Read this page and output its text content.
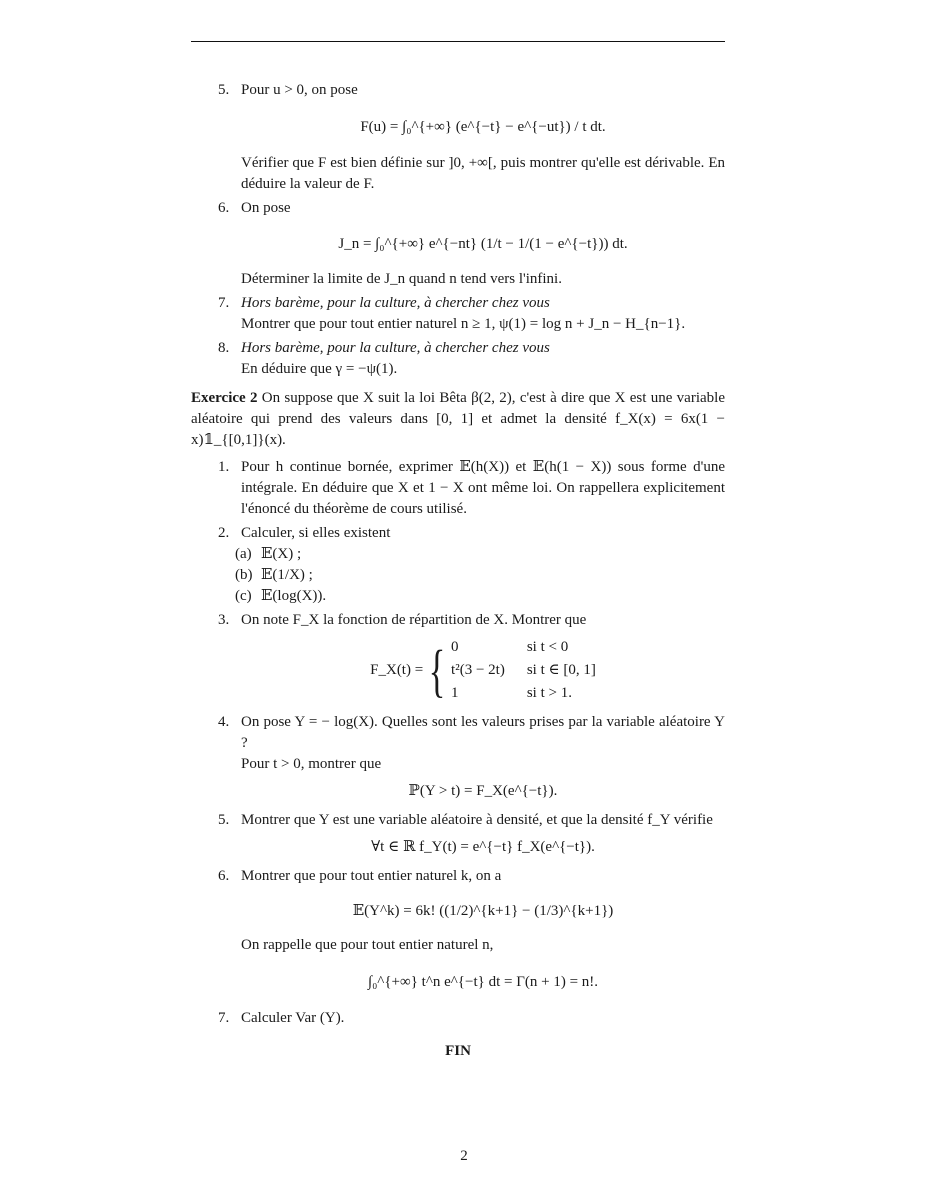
5. Pour u > 0, on pose

F(u) = ∫₀^{+∞} (e^{−t} − e^{−ut}) / t dt.

Vérifier que F est bien définie sur ]0, +∞[, puis montrer qu'elle est dérivable. En déduire la valeur de F.

6. On pose

J_n = ∫₀^{+∞} e^{−nt} (1/t − 1/(1 − e^{−t})) dt.

Déterminer la limite de J_n quand n tend vers l'infini.

7. Hors barème, pour la culture, à chercher chez vous

Montrer que pour tout entier naturel n ≥ 1, ψ(1) = log n + J_n − H_{n−1}.

8. Hors barème, pour la culture, à chercher chez vous

En déduire que γ = −ψ(1).

Exercice 2 On suppose que X suit la loi Bêta β(2, 2), c'est à dire que X est une variable aléatoire qui prend des valeurs dans [0, 1] et admet la densité f_X(x) = 6x(1 − x)𝟙_{[0,1]}(x).

1. Pour h continue bornée, exprimer 𝔼(h(X)) et 𝔼(h(1 − X)) sous forme d'une intégrale. En déduire que X et 1 − X ont même loi. On rappellera explicitement l'énoncé du théorème de cours utilisé.

2. Calculer, si elles existent

(a) 𝔼(X) ;
(b) 𝔼(1/X) ;
(c) 𝔼(log(X)).
3. On note F_X la fonction de répartition de X. Montrer que

F_X(t) = { 0	si t < 0
t²(3 − 2t) si t ∈ [0, 1]
1	si t > 1.
4. On pose Y = − log(X). Quelles sont les valeurs prises par la variable aléatoire Y ?

Pour t > 0, montrer que

ℙ(Y > t) = F_X(e^{−t}).
5. Montrer que Y est une variable aléatoire à densité, et que la densité f_Y vérifie

∀t ∈ ℝ f_Y(t) = e^{−t} f_X(e^{−t}).
6. Montrer que pour tout entier naturel k, on a

𝔼(Y^k) = 6k! ((1/2)^{k+1} − (1/3)^{k+1})

On rappelle que pour tout entier naturel n,

∫₀^{+∞} t^n e^{−t} dt = Γ(n + 1) = n!.
7. Calculer Var (Y).

FIN
2
